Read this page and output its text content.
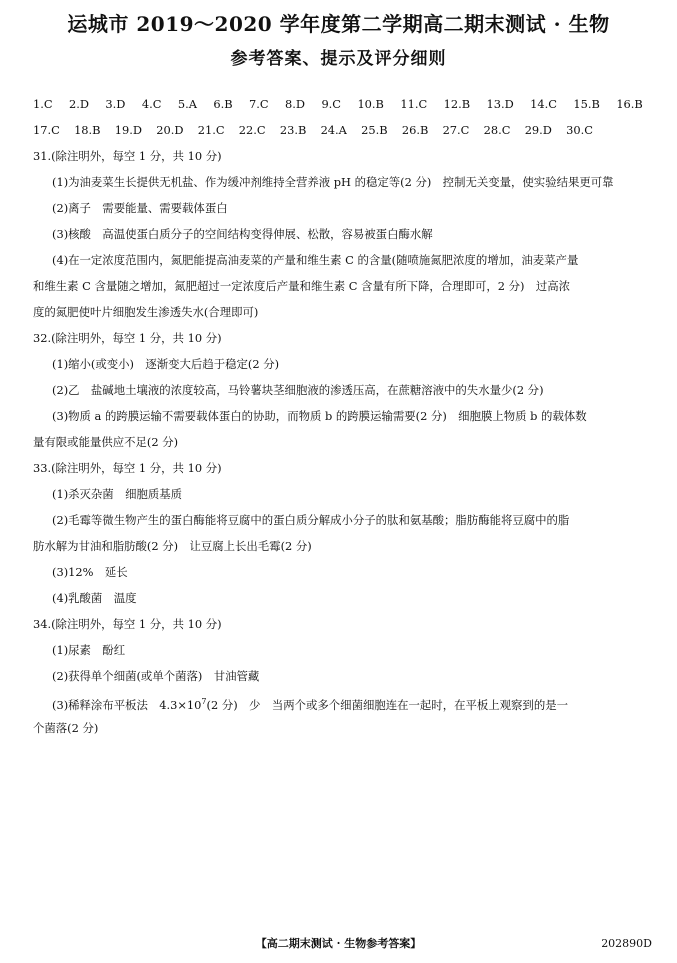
运城市 2019～2020 学年度第二学期高二期末测试 · 生物
参考答案、提示及评分细则
1.C 2.D 3.D 4.C 5.A 6.B 7.C 8.D 9.C 10.B 11.C 12.B 13.D 14.C 15.B 16.B
17.C 18.B 19.D 20.D 21.C 22.C 23.B 24.A 25.B 26.B 27.C 28.C 29.D 30.C
31.(除注明外，每空 1 分，共 10 分)
(1)为油麦菜生长提供无机盐、作为缓冲剂维持全营养液 pH 的稳定等(2 分)　控制无关变量，使实验结果更可靠
(2)离子　需要能量、需要载体蛋白
(3)核酸　高温使蛋白质分子的空间结构变得伸展、松散，容易被蛋白酶水解
(4)在一定浓度范围内，氮肥能提高油麦菜的产量和维生素 C 的含量(随喷施氮肥浓度的增加，油麦菜产量
和维生素 C 含量随之增加，氮肥超过一定浓度后产量和维生素 C 含量有所下降，合理即可，2 分)　过高浓
度的氮肥使叶片细胞发生渗透失水(合理即可)
32.(除注明外，每空 1 分，共 10 分)
(1)缩小(或变小)　逐渐变大后趋于稳定(2 分)
(2)乙　盐碱地土壤液的浓度较高，马铃薯块茎细胞液的渗透压高，在蔗糖溶液中的失水量少(2 分)
(3)物质 a 的跨膜运输不需要载体蛋白的协助，而物质 b 的跨膜运输需要(2 分)　细胞膜上物质 b 的载体数
量有限或能量供应不足(2 分)
33.(除注明外，每空 1 分，共 10 分)
(1)杀灭杂菌　细胞质基质
(2)毛霉等微生物产生的蛋白酶能将豆腐中的蛋白质分解成小分子的肽和氨基酸；脂肪酶能将豆腐中的脂
肪水解为甘油和脂肪酸(2 分)　让豆腐上长出毛霉(2 分)
(3)12%　延长
(4)乳酸菌　温度
34.(除注明外，每空 1 分，共 10 分)
(1)尿素　酚红
(2)获得单个细菌(或单个菌落)　甘油管藏
(3)稀释涂布平板法　$4.3\times 10^7(2$ 分)　少　当两个或多个细菌细胞连在一起时，在平板上观察到的是一
个菌落(2 分)
【高二期末测试 · 生物参考答案】	202890D
